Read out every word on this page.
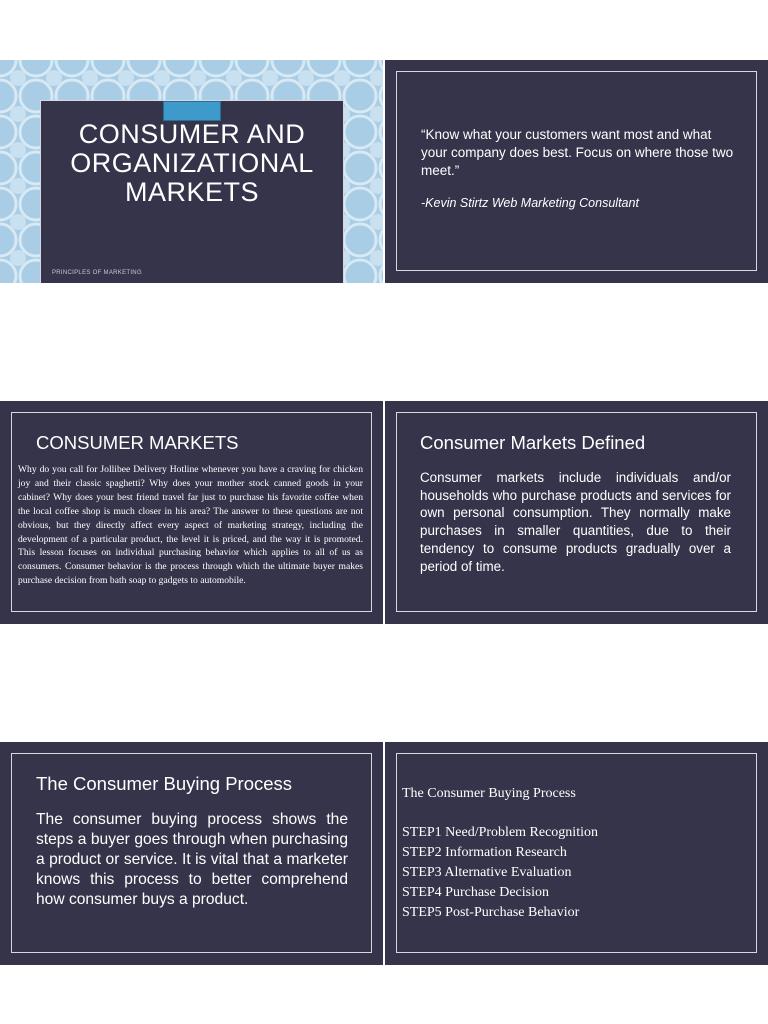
CONSUMER AND ORGANIZATIONAL MARKETS
PRINCIPLES OF MARKETING
“Know what your customers want most and what your company does best. Focus on where those two meet.”
-Kevin Stirtz Web Marketing Consultant
CONSUMER MARKETS
Why do you call for Jollibee Delivery Hotline whenever you have a craving for chicken joy and their classic spaghetti? Why does your mother stock canned goods in your cabinet? Why does your best friend travel far just to purchase his favorite coffee when the local coffee shop is much closer in his area? The answer to these questions are not obvious, but they directly affect every aspect of marketing strategy, including the development of a particular product, the level it is priced, and the way it is promoted. This lesson focuses on individual purchasing behavior which applies to all of us as consumers. Consumer behavior is the process through which the ultimate buyer makes purchase decision from bath soap to gadgets to automobile.
Consumer Markets Defined
Consumer markets include individuals and/or households who purchase products and services for own personal consumption. They normally make purchases in smaller quantities, due to their tendency to consume products gradually over a period of time.
The Consumer Buying Process
The consumer buying process shows the steps a buyer goes through when purchasing a product or service. It is vital that a marketer knows this process to better comprehend how consumer buys a product.
The Consumer Buying Process
STEP1 Need/Problem Recognition
STEP2 Information Research
STEP3 Alternative Evaluation
STEP4 Purchase Decision
STEP5 Post-Purchase Behavior
